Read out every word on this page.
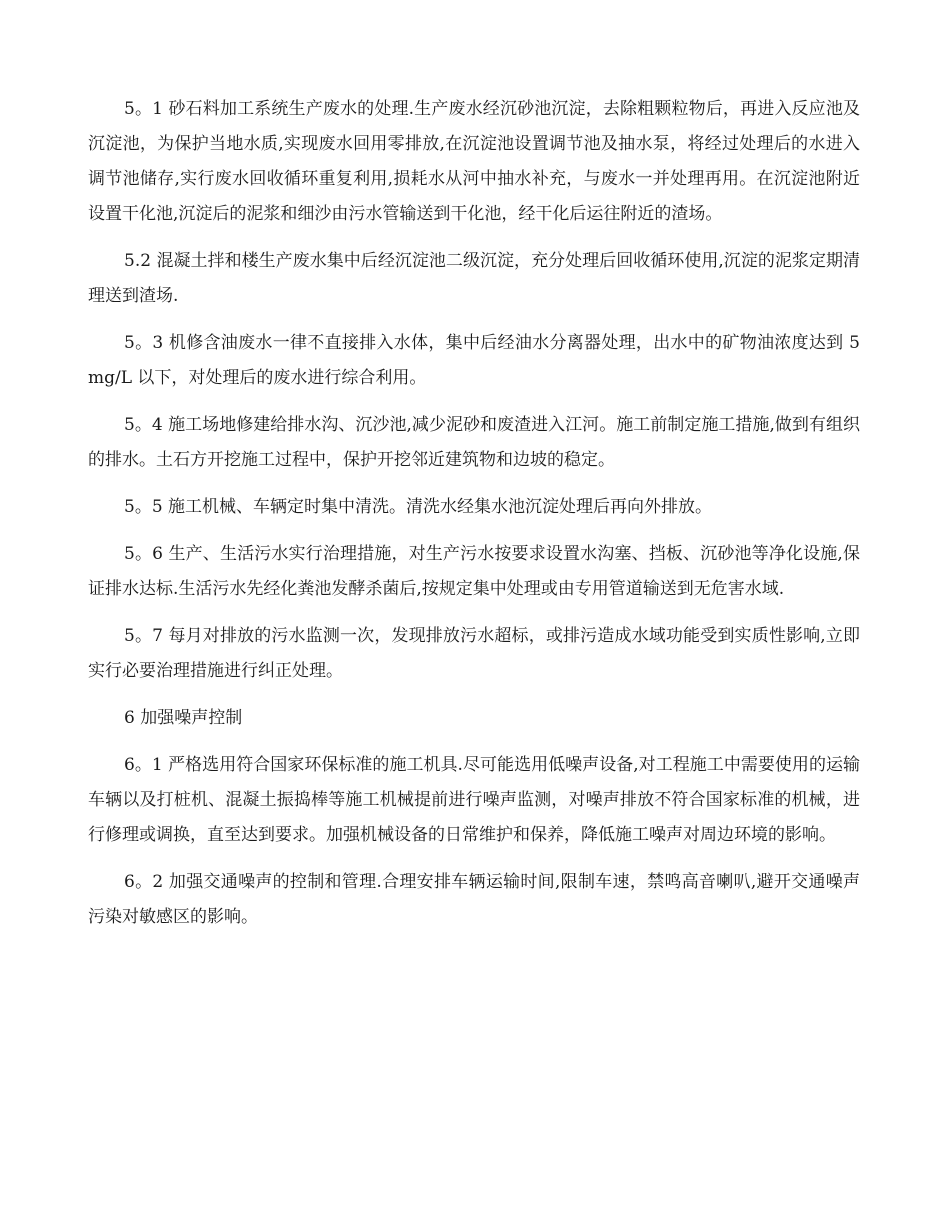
5。1 砂石料加工系统生产废水的处理.生产废水经沉砂池沉淀，去除粗颗粒物后，再进入反应池及沉淀池，为保护当地水质,实现废水回用零排放,在沉淀池设置调节池及抽水泵，将经过处理后的水进入调节池储存,实行废水回收循环重复利用,损耗水从河中抽水补充，与废水一并处理再用。在沉淀池附近设置干化池,沉淀后的泥浆和细沙由污水管输送到干化池，经干化后运往附近的渣场。

5.2 混凝土拌和楼生产废水集中后经沉淀池二级沉淀，充分处理后回收循环使用,沉淀的泥浆定期清理送到渣场.

5。3 机修含油废水一律不直接排入水体，集中后经油水分离器处理，出水中的矿物油浓度达到 5mg/L 以下，对处理后的废水进行综合利用。

5。4 施工场地修建给排水沟、沉沙池,减少泥砂和废渣进入江河。施工前制定施工措施,做到有组织的排水。土石方开挖施工过程中，保护开挖邻近建筑物和边坡的稳定。

5。5 施工机械、车辆定时集中清洗。清洗水经集水池沉淀处理后再向外排放。

5。6 生产、生活污水实行治理措施，对生产污水按要求设置水沟塞、挡板、沉砂池等净化设施,保证排水达标.生活污水先经化粪池发酵杀菌后,按规定集中处理或由专用管道输送到无危害水域.

5。7 每月对排放的污水监测一次，发现排放污水超标，或排污造成水域功能受到实质性影响,立即实行必要治理措施进行纠正处理。

6 加强噪声控制

6。1 严格选用符合国家环保标准的施工机具.尽可能选用低噪声设备,对工程施工中需要使用的运输车辆以及打桩机、混凝土振捣棒等施工机械提前进行噪声监测，对噪声排放不符合国家标准的机械，进行修理或调换，直至达到要求。加强机械设备的日常维护和保养，降低施工噪声对周边环境的影响。

6。2 加强交通噪声的控制和管理.合理安排车辆运输时间,限制车速，禁鸣高音喇叭,避开交通噪声污染对敏感区的影响。
